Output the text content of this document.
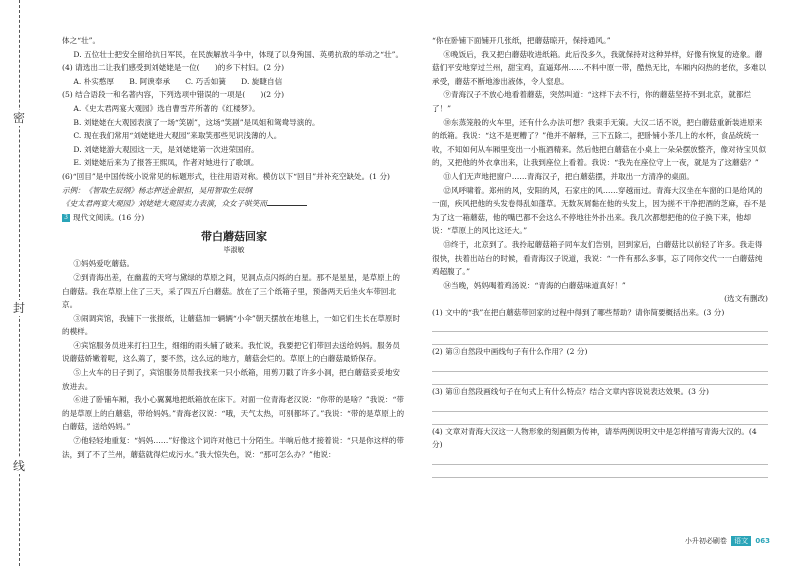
密
封
线

体之“壮”。

D. 五位壮士把安全留给抗日军民，在民族解放斗争中，体现了以身殉国、英勇抗敌的举动之“壮”。

(4) 请选出二让我们感受到刘姥姥是一位(　　)的乡下村妇。(2 分)

A. 朴实憨厚　　B. 阿谀奉承　　C. 巧舌如簧　　D. 旋睫自信

(5) 结合语段一和名著内容，下列选项中错误的一项是(　　)(2 分)

A.《史太君两宴大观园》选自曹雪芹所著的《红楼梦》。

B. 刘姥姥在大观园表演了一场“笑剧”，这场“笑剧”是凤姐和鸳鸯导演的。

C. 现在我们常用“刘姥姥进大观园”来取笑那些见识浅薄的人。

D. 刘姥姥游大观园这一天，是刘姥姥第一次进荣国府。

E. 刘姥姥后来为了报答王熙凤，作者对她进行了歌颂。

(6)“回目”是中国传统小说常见的标题形式，往往用语对称。模仿以下“回目”并补充空缺处。(1 分)

示例：《智取生辰纲》杨志押送金银担，吴用智取生辰纲

《史太君两宴大观园》刘姥姥大观园卖力表演，众女子哄笑而

3 现代文阅读。(16 分)

带白蘑菇回家

毕淑敏

①妈妈爱吃蘑菇。

②到青海出差，在幽蓝的天穹与黛绿的草原之间，见洞点点闪烁的白星。那不是星星，是草原上的白蘑菇。我在草原上住了三天，采了四五斤白蘑菇。放在了三个纸箱子里，预备两天后坐火车带回北京。

③闹调宾馆，我铺下一张报纸，让蘑菇加一辆辆“小伞”朝天摆放在地毯上，一如它们生长在草原时的模样。

④宾馆服务员进来打扫卫生，细细的雨头辅了破来。我忙说，我要把它们带回去送给妈妈。服务员说蘑菇娇嫩着呢，这么蔫了，要不然，这么远的地方，蘑菇会烂的。草原上的白蘑菇最娇保存。

⑤上火车的日子到了，宾馆服务员帮我找来一只小纸箱，用剪刀戳了许多小洞，把白蘑菇妥妥地安放进去。

⑥进了卧铺车厢，我小心翼翼地把纸箱放在床下。对面一位青海老汉说：“你带的是啥？”我说：“带的是草原上的白蘑菇，带给妈妈。”青海老汉说：“哦，天气太热，可别都坏了。”我说：“带的是草原上的白蘑菇，送给妈妈。”

⑦他轻轻地重复：“妈妈……”好像这个词许对他已十分陌生。半晌后他才接着说：“只是你这样的带法，到了不了兰州，蘑菇就得烂成污水。”我大惊失色，说：“那可怎么办？”他说：

“你在卧铺下面铺开几张纸，把蘑菇晾开，保持通风。”

⑧晚饭后，我又把白蘑菇收进纸箱。此后没多久，我就保持对这种异样，好像有恢复的迹象。蘑菇们平安地穿过兰州，甜宝鸡，直逼郑州……不料中原一带，酷热无比，车厢内闷热的老依，多难以承受，蘑菇不断地渗出液体，令人窒息。

⑨青海汉子不放心地看着蘑菇，突然叫道：“这样下去不行，你的蘑菇坚持不到北京，就都烂了！”

⑩东蒸笼般的火车里，还有什么办法可想？我束手无策。大汉二话不说，把白蘑菇重新装进原来的纸箱。我说：“这不是更糟了？”他并不解释，三下五除二，把卧铺小茶几上的水杯，食品统统一收，不知如何从车厢里变出一小瓶酒精来。然后他把白蘑菇在小桌上一朵朵摆放整齐，像对待宝贝似的，又把他的外衣拿出来，让我到座位上看着。我说：“我先在座位守上一夜，就是为了这蘑菇？”

⑪人们无声地把窗户……青海汉子，把白蘑菇摆，并取出一方清净的桌面。

⑫风呼啸着。郑州的风，安阳的风，石家庄的风……穿越而过。青海大汉坐在车窗的口是给风的一面，疾风把他的头发卷得乱如蓬草。无数灰屑黏在他的头发上，因为搓不干净把酒的芝麻，吞不是为了这一箱蘑菇，他的嘴巴都不会这么不停地往外扑出来。我几次都想把他的位子换下来，他却说：“草原上的风比这还大。”

⑬终于，北京到了。我拎起蘑菇箱子同车友们告别，回到家后，白蘑菇比以前轻了许多。我走得很快，扶着出站台的时候，看青海汉子说道，我说：“一件有那么多事，忘了同你交代一一白蘑菇纯鸡超腹了。”

⑭当晚，妈妈喝着鸡汤说：“青海的白蘑菇味道真好！”

(选文有删改)

(1) 文中的“我”在把白蘑菇带回家的过程中得到了哪些帮助？请你简要概括出来。(3 分)

(2) 第③自然段中画线句子有什么作用？(2 分)

(3) 第⑪自然段画线句子在句式上有什么特点？结合文章内容说说表达效果。(3 分)

(4) 文章对青海大汉这一人物形象的刻画颇为传神，请举两例说明文中是怎样描写青海大汉的。(4 分)

小升初必刷卷 语文 063
